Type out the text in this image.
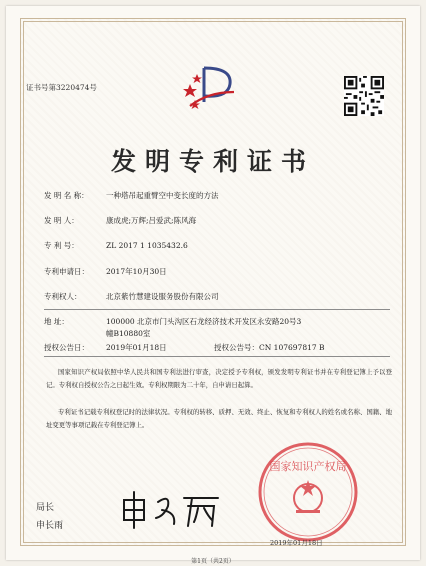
证书号第3220474号
发明专利证书
发 明 名 称： 一种塔吊起重臂空中变长度的方法
发 明 人：	康成虎;万辉;吕爱武;陈风海
专 利 号：	ZL 2017 1 1035432.6
专利申请日： 2017年10月30日
专利权人：	北京紫竹慧建设服务股份有限公司
地 址：	100000 北京市门头沟区石龙经济技术开发区永安路20号3
幢B10880室
授权公告日： 2019年01月18日	授权公告号：CN 107697817 B
国家知识产权局依照中华人民共和国专利法进行审查，决定授予专利权，颁发发明专利证书并在专利登记簿上予以登记。专利权自授权公告之日起生效。专利权期限为二十年，自申请日起算。
专利证书记载专利权登记时的法律状况。专利权的转移、质押、无效、终止、恢复和专利权人的姓名或名称、国籍、地址变更等事项记载在专利登记簿上。
局长
申长雨
国家知识产权局
2019年01月18日
第1页（共2页）
